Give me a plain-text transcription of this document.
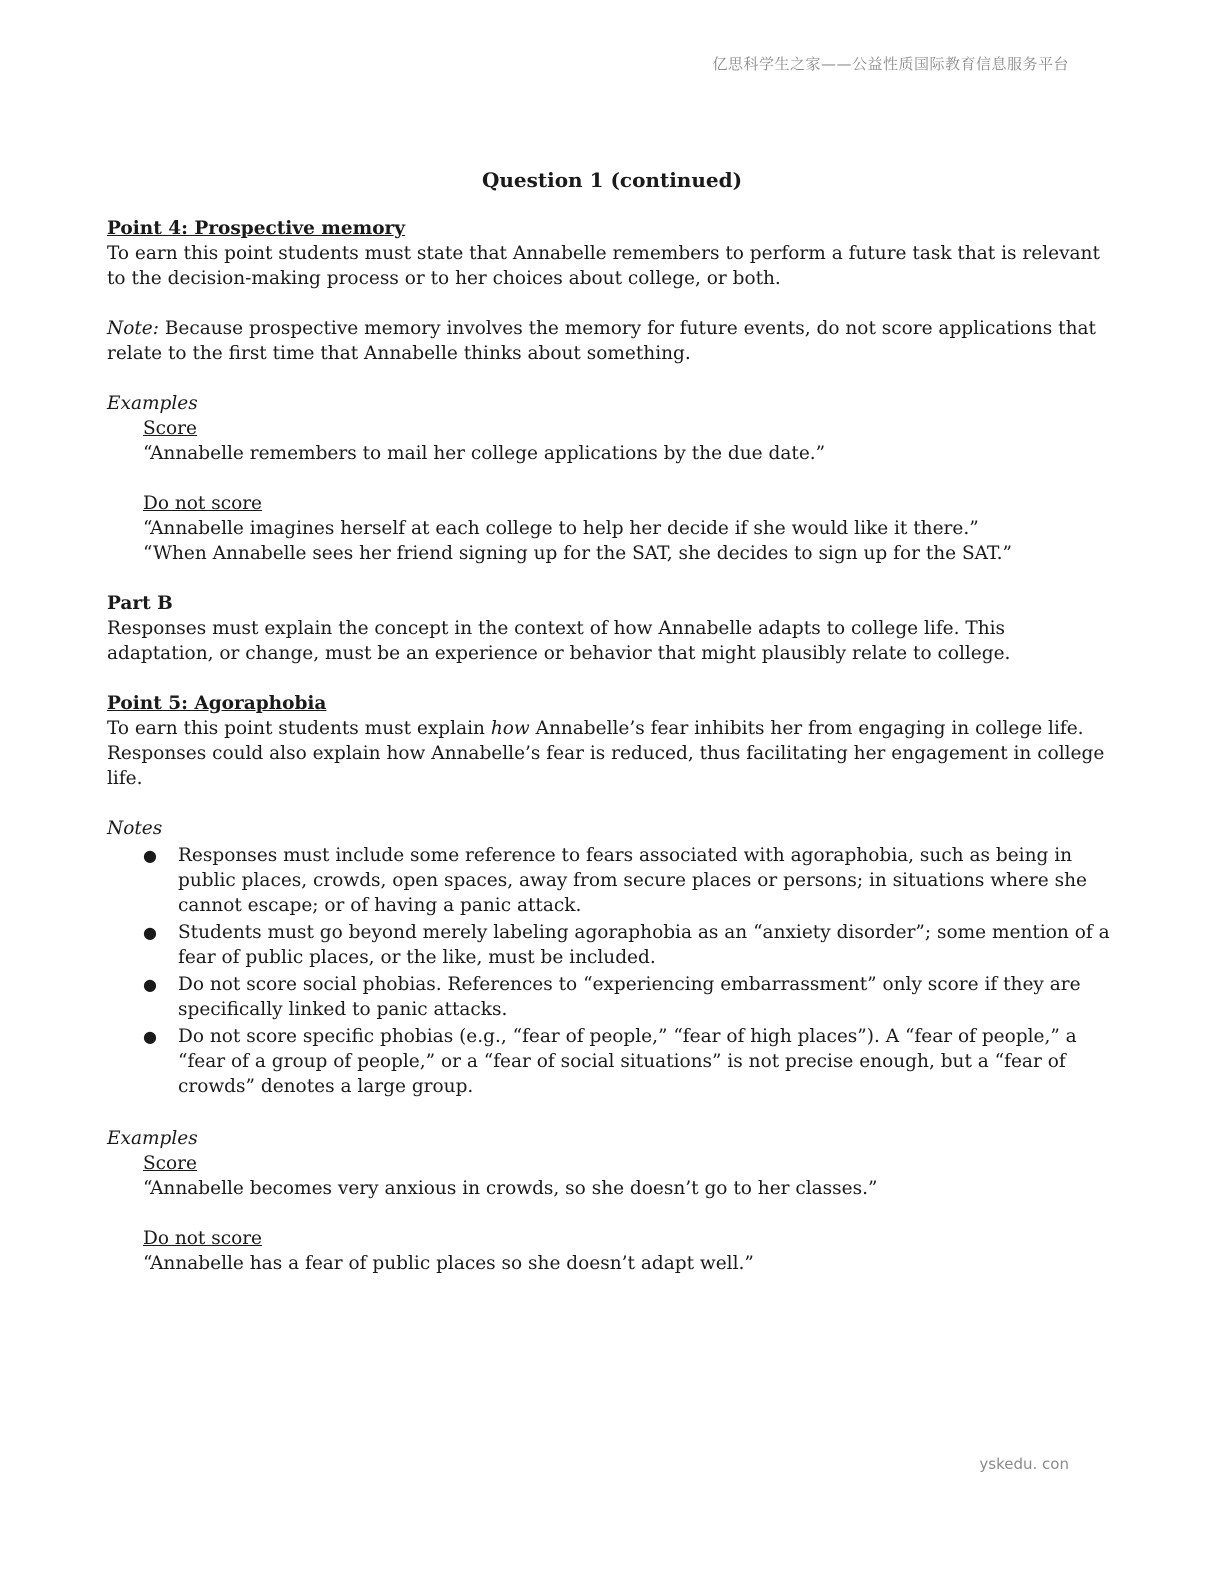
亿思科学生之家——公益性质国际教育信息服务平台
Question 1 (continued)
Point 4: Prospective memory

To earn this point students must state that Annabelle remembers to perform a future task that is relevant to the decision-making process or to her choices about college, or both.

Note: Because prospective memory involves the memory for future events, do not score applications that relate to the first time that Annabelle thinks about something.

Examples
Score
“Annabelle remembers to mail her college applications by the due date.”
Do not score
“Annabelle imagines herself at each college to help her decide if she would like it there.”
“When Annabelle sees her friend signing up for the SAT, she decides to sign up for the SAT.”
Part B

Responses must explain the concept in the context of how Annabelle adapts to college life. This adaptation, or change, must be an experience or behavior that might plausibly relate to college.

Point 5: Agoraphobia

To earn this point students must explain how Annabelle’s fear inhibits her from engaging in college life. Responses could also explain how Annabelle’s fear is reduced, thus facilitating her engagement in college life.

Notes
● Responses must include some reference to fears associated with agoraphobia, such as being in public places, crowds, open spaces, away from secure places or persons; in situations where she cannot escape; or of having a panic attack.
● Students must go beyond merely labeling agoraphobia as an “anxiety disorder”; some mention of a fear of public places, or the like, must be included.
● Do not score social phobias. References to “experiencing embarrassment” only score if they are specifically linked to panic attacks.
● Do not score specific phobias (e.g., “fear of people,” “fear of high places”). A “fear of people,” a “fear of a group of people,” or a “fear of social situations” is not precise enough, but a “fear of crowds” denotes a large group.
Examples
Score
“Annabelle becomes very anxious in crowds, so she doesn’t go to her classes.”
Do not score
“Annabelle has a fear of public places so she doesn’t adapt well.”
yskedu. con
